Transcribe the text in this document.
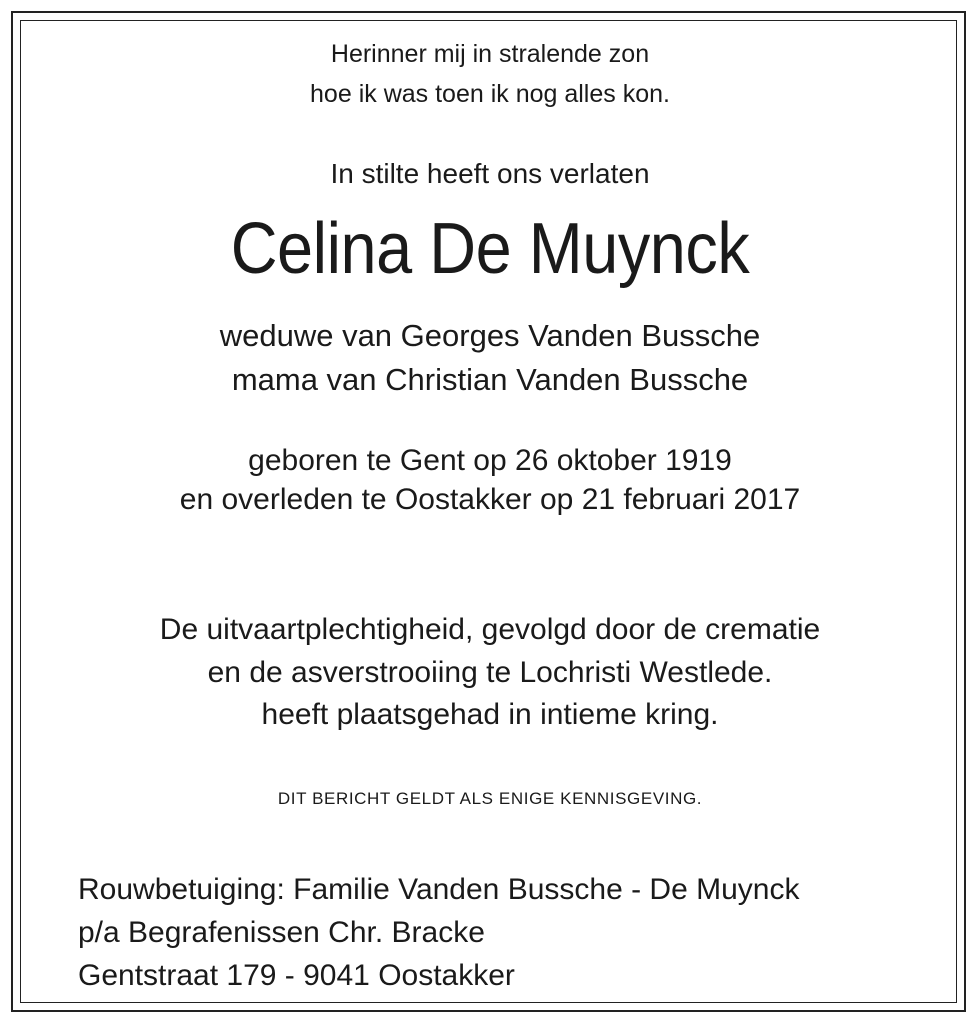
Herinner mij in stralende zon

hoe ik was toen ik nog alles kon.

In stilte heeft ons verlaten

Celina De Muynck

weduwe van Georges Vanden Bussche

mama van Christian Vanden Bussche

geboren te Gent op 26 oktober 1919

en overleden te Oostakker op 21 februari 2017

De uitvaartplechtigheid, gevolgd door de crematie

en de asverstrooiing te Lochristi Westlede.

heeft plaatsgehad in intieme kring.

DIT BERICHT GELDT ALS ENIGE KENNISGEVING.

Rouwbetuiging: Familie Vanden Bussche - De Muynck

p/a Begrafenissen Chr. Bracke

Gentstraat 179 - 9041 Oostakker
